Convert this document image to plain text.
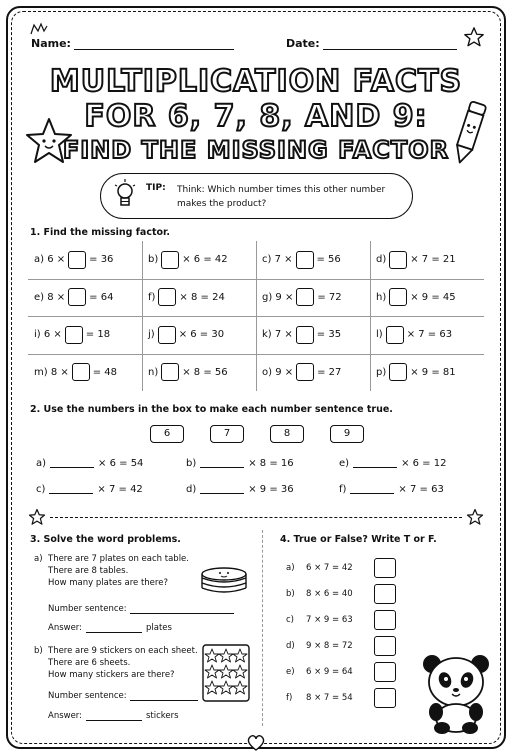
Name:	Date:
MULTIPLICATION FACTS
FOR 6, 7, 8, AND 9:
FIND THE MISSING FACTOR
TIP: Think: Which number times this other number makes the product?
1. Find the missing factor.
a) 6 × = 36	b) × 6 = 42	c) 7 × = 56	d) × 7 = 21
e) 8 × = 64	f) × 8 = 24	g) 9 × = 72	h) × 9 = 45
i) 6 × = 18	j) × 6 = 30	k) 7 × = 35	l) × 7 = 63
m) 8 × = 48	n) × 8 = 56	o) 9 × = 27	p) × 9 = 81
2. Use the numbers in the box to make each number sentence true.
6	7	8	9
a)	× 6 = 54	b)	× 8 = 16	e)	× 6 = 12
c)	× 7 = 42	d)	× 9 = 36	f)	× 7 = 63
3. Solve the word problems.
a) There are 7 plates on each table.
There are 8 tables.
How many plates are there?
Number sentence:
Answer:	plates
b) There are 9 stickers on each sheet.
There are 6 sheets.
How many stickers are there?
Number sentence:
Answer:	stickers
4. True or False? Write T or F.
a) 6 × 7 = 42
b) 8 × 6 = 40
c) 7 × 9 = 63
d) 9 × 8 = 72
e) 6 × 9 = 64
f) 8 × 7 = 54
